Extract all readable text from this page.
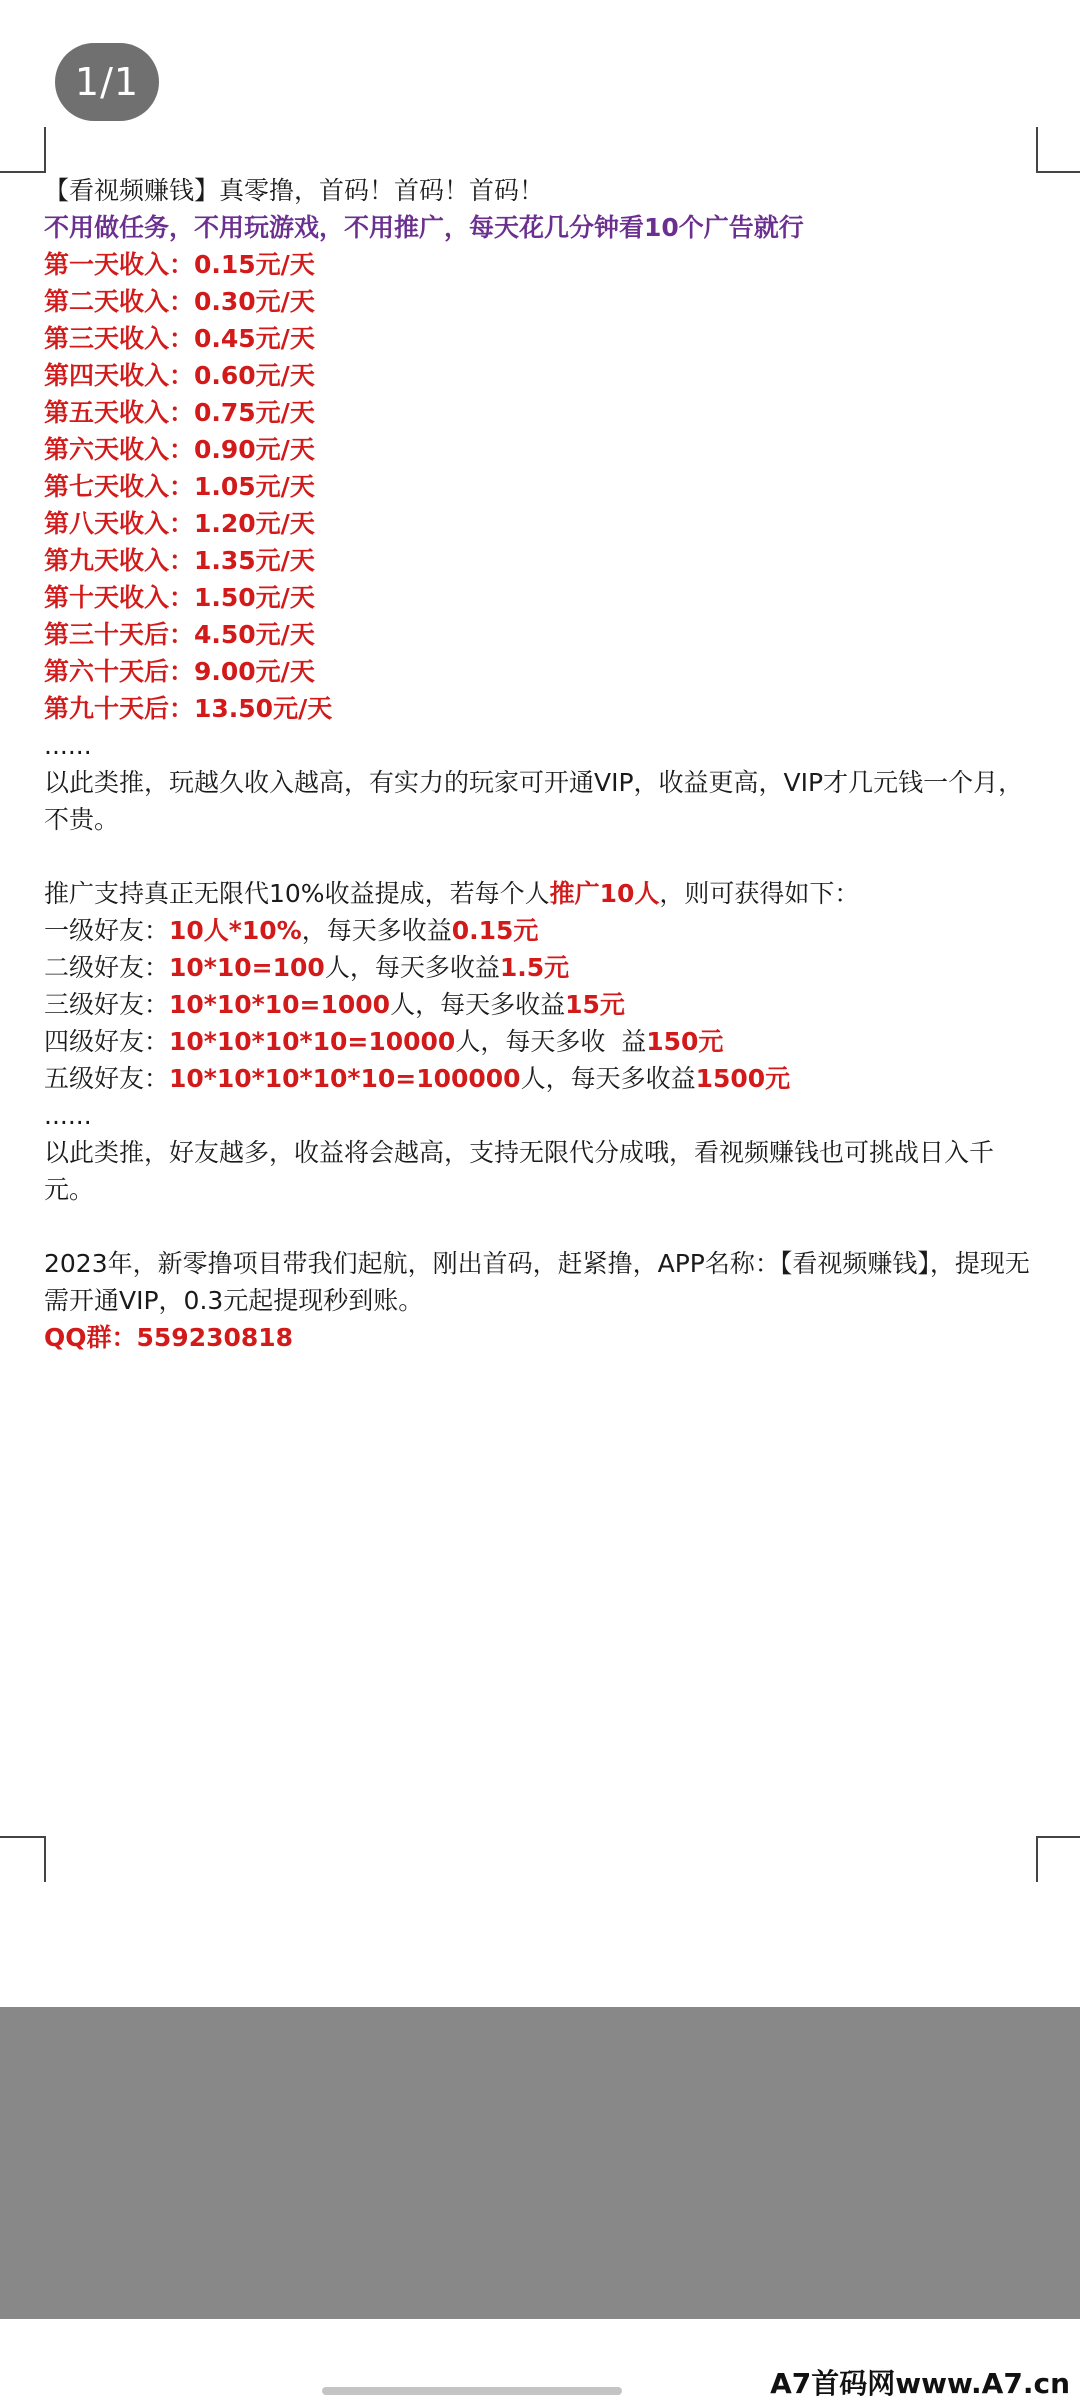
1/1

【看视频赚钱】真零撸，首码！首码！首码！

不用做任务，不用玩游戏，不用推广，每天花几分钟看10个广告就行

第一天收入：0.15元/天

第二天收入：0.30元/天

第三天收入：0.45元/天

第四天收入：0.60元/天

第五天收入：0.75元/天

第六天收入：0.90元/天

第七天收入：1.05元/天

第八天收入：1.20元/天

第九天收入：1.35元/天

第十天收入：1.50元/天

第三十天后：4.50元/天

第六十天后：9.00元/天

第九十天后：13.50元/天

......

以此类推，玩越久收入越高，有实力的玩家可开通VIP，收益更高，VIP才几元钱一个月，不贵。

推广支持真正无限代10%收益提成，若每个人推广10人，则可获得如下：

一级好友：10人*10%，每天多收益0.15元

二级好友：10*10=100人，每天多收益1.5元

三级好友：10*10*10=1000人，每天多收益15元

四级好友：10*10*10*10=10000人，每天多收  益150元

五级好友：10*10*10*10*10=100000人，每天多收益1500元

......

以此类推，好友越多，收益将会越高，支持无限代分成哦，看视频赚钱也可挑战日入千元。

2023年，新零撸项目带我们起航，刚出首码，赶紧撸，APP名称：【看视频赚钱】，提现无需开通VIP，0.3元起提现秒到账。

QQ群：559230818

A7首码网www.A7.cn
